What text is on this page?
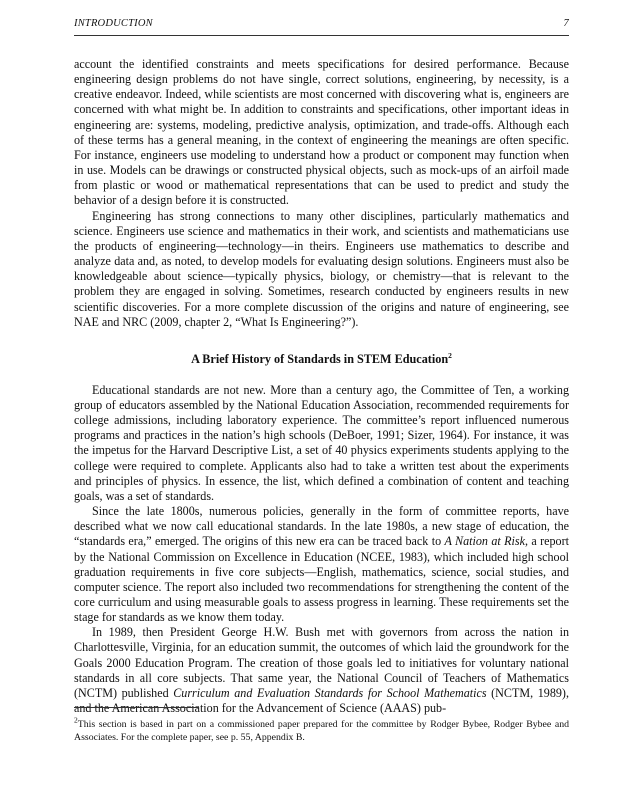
INTRODUCTION	7

account the identified constraints and meets specifications for desired performance. Because engineering design problems do not have single, correct solutions, engineering, by necessity, is a creative endeavor. Indeed, while scientists are most concerned with discovering what is, engineers are concerned with what might be. In addition to constraints and specifications, other important ideas in engineering are: systems, modeling, predictive analysis, optimization, and trade-offs. Although each of these terms has a general meaning, in the context of engineering the meanings are often specific. For instance, engineers use modeling to understand how a product or component may function when in use. Models can be drawings or constructed physical objects, such as mock-ups of an airfoil made from plastic or wood or mathematical representations that can be used to predict and study the behavior of a design before it is constructed.

Engineering has strong connections to many other disciplines, particularly mathematics and science. Engineers use science and mathematics in their work, and scientists and mathematicians use the products of engineering—technology—in theirs. Engineers use mathematics to describe and analyze data and, as noted, to develop models for evaluating design solutions. Engineers must also be knowledgeable about science—typically physics, biology, or chemistry—that is relevant to the problem they are engaged in solving. Sometimes, research conducted by engineers results in new scientific discoveries. For a more complete discussion of the origins and nature of engineering, see NAE and NRC (2009, chapter 2, “What Is Engineering?”).

A Brief History of Standards in STEM Education$^2$

Educational standards are not new. More than a century ago, the Committee of Ten, a working group of educators assembled by the National Education Association, recommended requirements for college admissions, including laboratory experience. The committee’s report influenced numerous programs and practices in the nation’s high schools (DeBoer, 1991; Sizer, 1964). For instance, it was the impetus for the Harvard Descriptive List, a set of 40 physics experiments students applying to the college were required to complete. Applicants also had to take a written test about the experiments and principles of physics. In essence, the list, which defined a combination of content and teaching goals, was a set of standards.

Since the late 1800s, numerous policies, generally in the form of committee reports, have described what we now call educational standards. In the late 1980s, a new stage of education, the “standards era,” emerged. The origins of this new era can be traced back to A Nation at Risk, a report by the National Commission on Excellence in Education (NCEE, 1983), which included high school graduation requirements in five core subjects—English, mathematics, science, social studies, and computer science. The report also included two recommendations for strengthening the content of the core curriculum and using measurable goals to assess progress in learning. These requirements set the stage for standards as we know them today.

In 1989, then President George H.W. Bush met with governors from across the nation in Charlottesville, Virginia, for an education summit, the outcomes of which laid the groundwork for the Goals 2000 Education Program. The creation of those goals led to initiatives for voluntary national standards in all core subjects. That same year, the National Council of Teachers of Mathematics (NCTM) published Curriculum and Evaluation Standards for School Mathematics (NCTM, 1989), and the American Association for the Advancement of Science (AAAS) pub-

$^2$This section is based in part on a commissioned paper prepared for the committee by Rodger Bybee, Rodger Bybee and Associates. For the complete paper, see p. 55, Appendix B.
